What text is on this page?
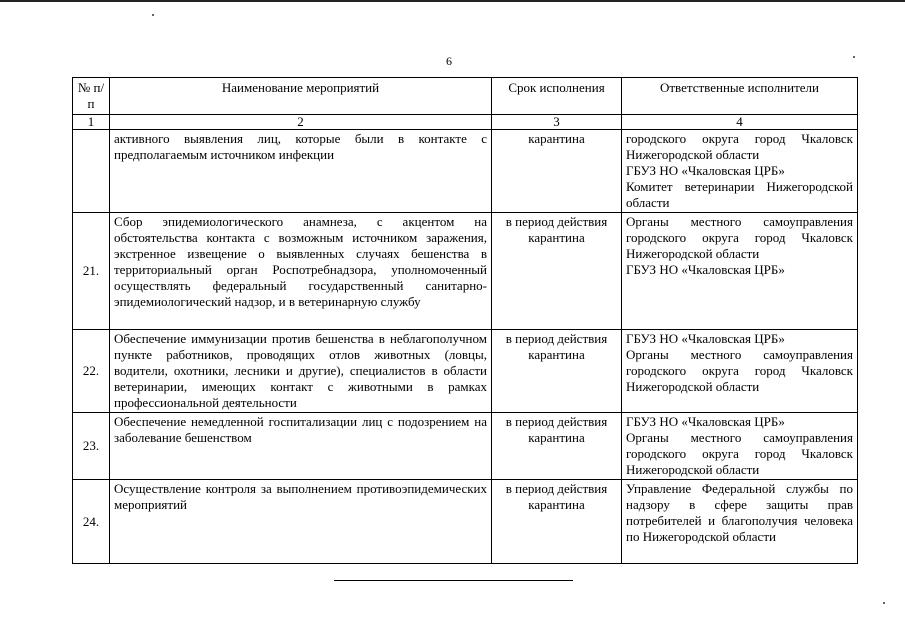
6
№ п/п	Наименование мероприятий	Срок исполнения	Ответственные исполнители
1	2	3	4
	активного выявления лиц, которые были в контакте с предполагаемым источником инфекции	карантина	городского округа город Чкаловск Нижегородской области
ГБУЗ НО «Чкаловская ЦРБ»
Комитет ветеринарии Нижегородской области

21.	Сбор эпидемиологического анамнеза, с акцентом на обстоятельства контакта с возможным источником заражения, экстренное извещение о выявленных случаях бешенства в территориальный орган Роспотребнадзора, уполномоченный осуществлять федеральный государственный санитарно-эпидемиологический надзор, и в ветеринарную службу	в период действия карантина	Органы местного самоуправления городского округа город Чкаловск Нижегородской области
ГБУЗ НО «Чкаловская ЦРБ»

22.	Обеспечение иммунизации против бешенства в неблагополучном пункте работников, проводящих отлов животных (ловцы, водители, охотники, лесники и другие), специалистов в области ветеринарии, имеющих контакт с животными в рамках профессиональной деятельности	в период действия карантина	ГБУЗ НО «Чкаловская ЦРБ»
Органы местного самоуправления городского округа город Чкаловск Нижегородской области

23.	Обеспечение немедленной госпитализации лиц с подозрением на заболевание бешенством	в период действия карантина	ГБУЗ НО «Чкаловская ЦРБ»
Органы местного самоуправления городского округа город Чкаловск Нижегородской области

24.	Осуществление контроля за выполнением противоэпидемических мероприятий	в период действия карантина	Управление Федеральной службы по надзору в сфере защиты прав потребителей и благополучия человека по Нижегородской области
